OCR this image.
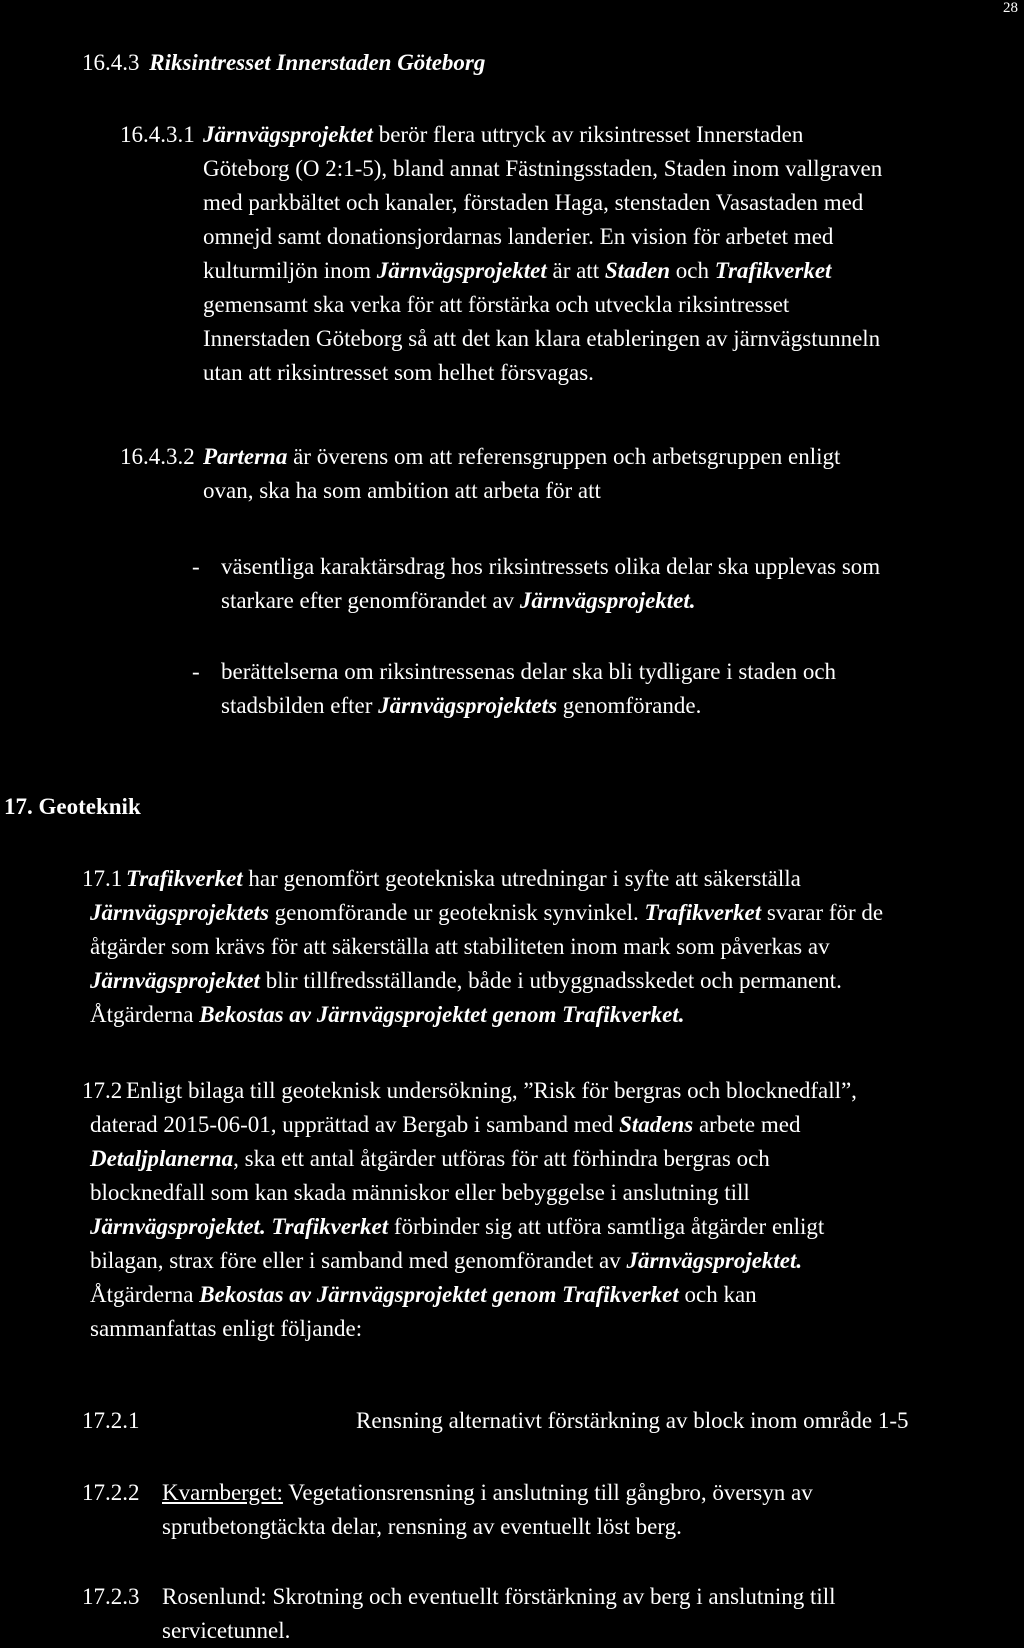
28
16.4.3 Riksintresset Innerstaden Göteborg
16.4.3.1 Järnvägsprojektet berör flera uttryck av riksintresset Innerstaden
Göteborg (O 2:1-5), bland annat Fästningsstaden, Staden inom vallgraven
med parkbältet och kanaler, förstaden Haga, stenstaden Vasastaden med
omnejd samt donationsjordarnas landerier. En vision för arbetet med
kulturmiljön inom Järnvägsprojektet är att Staden och Trafikverket
gemensamt ska verka för att förstärka och utveckla riksintresset
Innerstaden Göteborg så att det kan klara etableringen av järnvägstunneln
utan att riksintresset som helhet försvagas.
16.4.3.2 Parterna är överens om att referensgruppen och arbetsgruppen enligt
ovan, ska ha som ambition att arbeta för att
- väsentliga karaktärsdrag hos riksintressets olika delar ska upplevas som
starkare efter genomförandet av Järnvägsprojektet.
- berättelserna om riksintressenas delar ska bli tydligare i staden och
stadsbilden efter Järnvägsprojektets genomförande.
17. Geoteknik
17.1 Trafikverket har genomfört geotekniska utredningar i syfte att säkerställa
Järnvägsprojektets genomförande ur geoteknisk synvinkel. Trafikverket svarar för de
åtgärder som krävs för att säkerställa att stabiliteten inom mark som påverkas av
Järnvägsprojektet blir tillfredsställande, både i utbyggnadsskedet och permanent.
Åtgärderna Bekostas av Järnvägsprojektet genom Trafikverket.
17.2 Enligt bilaga till geoteknisk undersökning, ”Risk för bergras och blocknedfall”,
daterad 2015-06-01, upprättad av Bergab i samband med Stadens arbete med
Detaljplanerna, ska ett antal åtgärder utföras för att förhindra bergras och
blocknedfall som kan skada människor eller bebyggelse i anslutning till
Järnvägsprojektet. Trafikverket förbinder sig att utföra samtliga åtgärder enligt
bilagan, strax före eller i samband med genomförandet av Järnvägsprojektet.
Åtgärderna Bekostas av Järnvägsprojektet genom Trafikverket och kan
sammanfattas enligt följande:
17.2.1	Rensning alternativt förstärkning av block inom område 1-5
17.2.2 Kvarnberget: Vegetationsrensning i anslutning till gångbro, översyn av
sprutbetongtäckta delar, rensning av eventuellt löst berg.
17.2.3 Rosenlund: Skrotning och eventuellt förstärkning av berg i anslutning till
servicetunnel.
